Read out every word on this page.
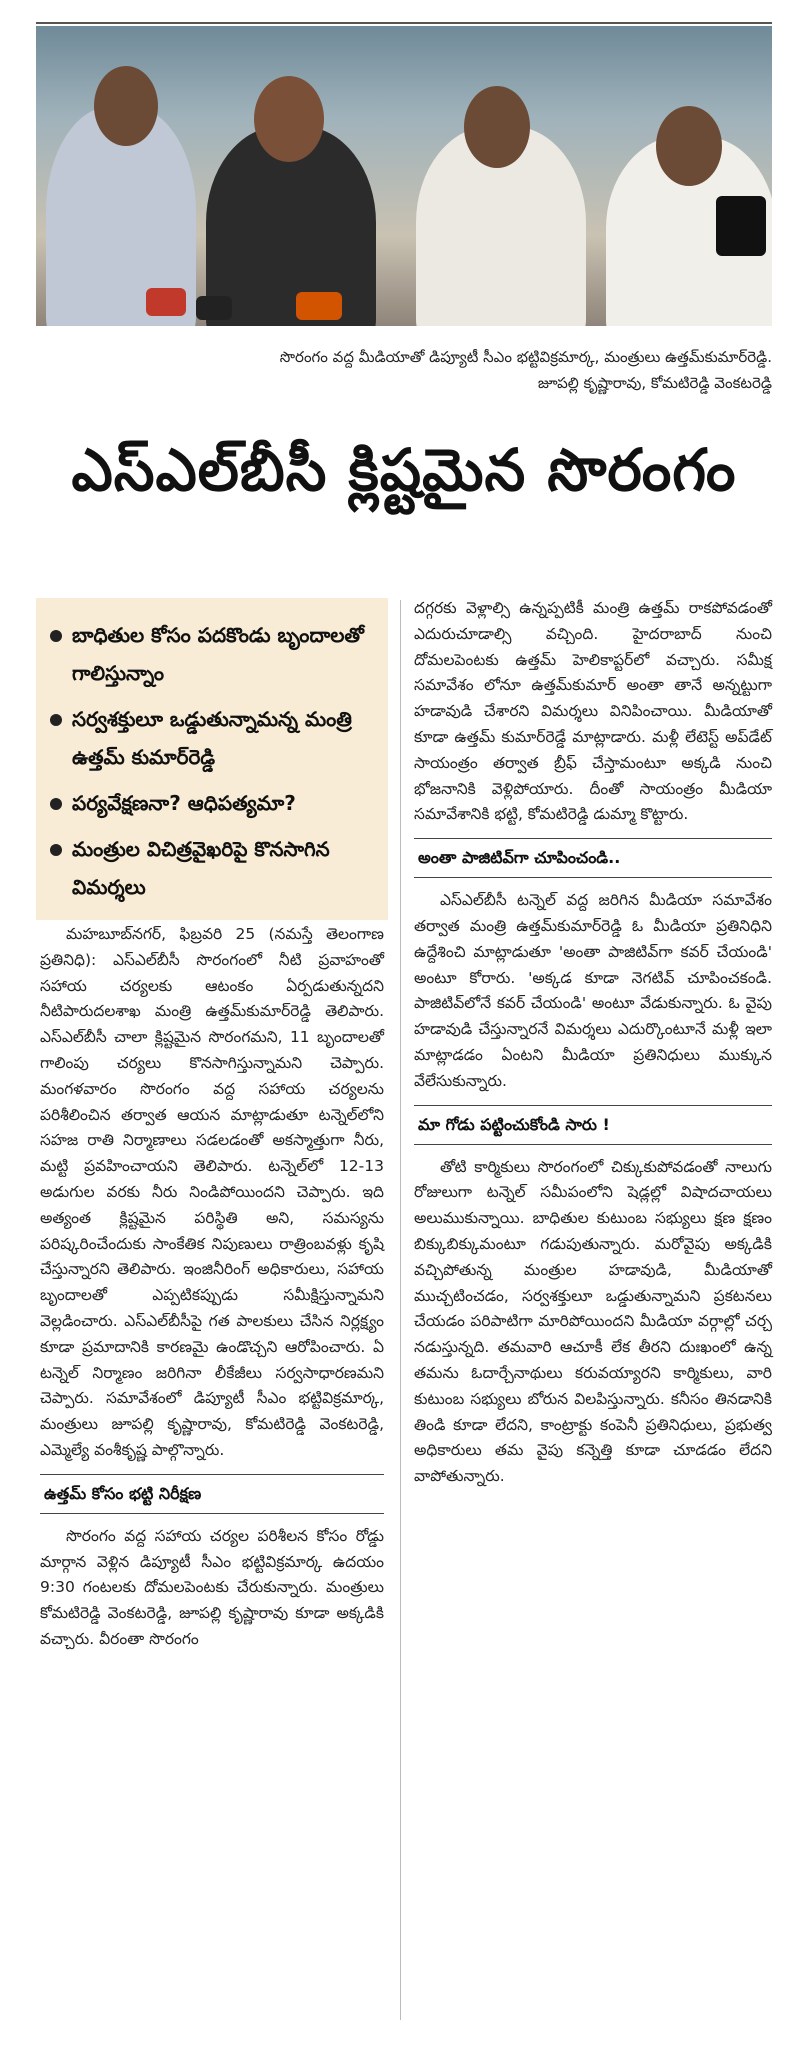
సొరంగం వద్ద మీడియాతో డిప్యూటీ సీఎం భట్టివిక్రమార్క, మంత్రులు ఉత్తమ్‌కుమార్‌రెడ్డి.
జూపల్లి కృష్ణారావు, కోమటిరెడ్డి వెంకటరెడ్డి
ఎస్‌ఎల్‌బీసీ క్లిష్టమైన సొరంగం
బాధితుల కోసం పదకొండు బృందాలతో గాలిస్తున్నాం
సర్వశక్తులూ ఒడ్డుతున్నామన్న మంత్రి ఉత్తమ్ కుమార్‌రెడ్డి
పర్యవేక్షణనా? ఆధిపత్యమా?
మంత్రుల విచిత్రవైఖరిపై కొనసాగిన విమర్శలు

మహబూబ్‌నగర్, ఫిబ్రవరి 25 (నమస్తే తెలంగాణ ప్రతినిధి): ఎస్‌ఎల్‌బీసీ సొరంగంలో నీటి ప్రవాహంతో సహాయ చర్యలకు ఆటంకం ఏర్పడుతున్నదని నీటిపారుదలశాఖ మంత్రి ఉత్తమ్‌కుమార్‌రెడ్డి తెలిపారు. ఎస్‌ఎల్‌బీసీ చాలా క్లిష్టమైన సొరంగమని, 11 బృందాలతో గాలింపు చర్యలు కొనసాగిస్తున్నామని చెప్పారు. మంగళవారం సొరంగం వద్ద సహాయ చర్యలను పరిశీలించిన తర్వాత ఆయన మాట్లాడుతూ టన్నెల్‌లోని సహజ రాతి నిర్మాణాలు సడలడంతో అకస్మాత్తుగా నీరు, మట్టి ప్రవహించాయని తెలిపారు. టన్నెల్‌లో 12-13 అడుగుల వరకు నీరు నిండిపోయిందని చెప్పారు. ఇది అత్యంత క్లిష్టమైన పరిస్థితి అని, సమస్యను పరిష్కరించేందుకు సాంకేతిక నిపుణులు రాత్రింబవళ్లు కృషి చేస్తున్నారని తెలిపారు. ఇంజినీరింగ్ అధికారులు, సహాయ బృందాలతో ఎప్పటికప్పుడు సమీక్షిస్తున్నామని వెల్లడించారు. ఎస్‌ఎల్‌బీసీపై గత పాలకులు చేసిన నిర్లక్ష్యం కూడా ప్రమాదానికి కారణమై ఉండొచ్చని ఆరోపించారు. ఏ టన్నెల్ నిర్మాణం జరిగినా లీకేజీలు సర్వసాధారణమని చెప్పారు. సమావేశంలో డిప్యూటీ సీఎం భట్టివిక్రమార్క, మంత్రులు జూపల్లి కృష్ణారావు, కోమటిరెడ్డి వెంకటరెడ్డి, ఎమ్మెల్యే వంశీకృష్ణ పాల్గొన్నారు.

ఉత్తమ్ కోసం భట్టి నిరీక్షణ

సొరంగం వద్ద సహాయ చర్యల పరిశీలన కోసం రోడ్డు మార్గాన వెళ్లిన డిప్యూటీ సీఎం భట్టివిక్రమార్క ఉదయం 9:30 గంటలకు దోమలపెంటకు చేరుకున్నారు. మంత్రులు కోమటిరెడ్డి వెంకటరెడ్డి, జూపల్లి కృష్ణారావు కూడా అక్కడికి వచ్చారు. వీరంతా సొరంగం

దగ్గరకు వెళ్లాల్సి ఉన్నప్పటికీ మంత్రి ఉత్తమ్ రాకపోవడంతో ఎదురుచూడాల్సి వచ్చింది. హైదరాబాద్ నుంచి దోమలపెంటకు ఉత్తమ్ హెలికాప్టర్‌లో వచ్చారు. సమీక్ష సమావేశం లోనూ ఉత్తమ్‌కుమార్ అంతా తానే అన్నట్టుగా హడావుడి చేశారని విమర్శలు వినిపించాయి. మీడియాతో కూడా ఉత్తమ్ కుమార్‌రెడ్డే మాట్లాడారు. మళ్లీ లేటెస్ట్ అప్‌డేట్ సాయంత్రం తర్వాత బ్రీఫ్ చేస్తామంటూ అక్కడి నుంచి భోజనానికి వెళ్లిపోయారు. దీంతో సాయంత్రం మీడియా సమావేశానికి భట్టి, కోమటిరెడ్డి డుమ్మా కొట్టారు.

అంతా పాజిటివ్‌గా చూపించండి..

ఎస్‌ఎల్‌బీసీ టన్నెల్ వద్ద జరిగిన మీడియా సమావేశం తర్వాత మంత్రి ఉత్తమ్‌కుమార్‌రెడ్డి ఓ మీడియా ప్రతినిధిని ఉద్దేశించి మాట్లాడుతూ 'అంతా పాజిటివ్‌గా కవర్ చేయండి' అంటూ కోరారు. 'అక్కడ కూడా నెగటివ్ చూపించకండి. పాజిటివ్‌లోనే కవర్ చేయండి' అంటూ వేడుకున్నారు. ఓ వైపు హడావుడి చేస్తున్నారనే విమర్శలు ఎదుర్కొంటూనే మళ్లీ ఇలా మాట్లాడడం ఏంటని మీడియా ప్రతినిధులు ముక్కున వేలేసుకున్నారు.

మా గోడు పట్టించుకోండి సారు !

తోటి కార్మికులు సొరంగంలో చిక్కుకుపోవడంతో నాలుగు రోజులుగా టన్నెల్ సమీపంలోని షెడ్లల్లో విషాదచాయలు అలుముకున్నాయి. బాధితుల కుటుంబ సభ్యులు క్షణ క్షణం బిక్కుబిక్కుమంటూ గడుపుతున్నారు. మరోవైపు అక్కడికి వచ్చిపోతున్న మంత్రుల హడావుడి, మీడియాతో ముచ్చటించడం, సర్వశక్తులూ ఒడ్డుతున్నామని ప్రకటనలు చేయడం పరిపాటిగా మారిపోయిందని మీడియా వర్గాల్లో చర్చ నడుస్తున్నది. తమవారి ఆచూకీ లేక తీరని దుఃఖంలో ఉన్న తమను ఓదార్చేనాథులు కరువయ్యారని కార్మికులు, వారి కుటుంబ సభ్యులు బోరున విలపిస్తున్నారు. కనీసం తినడానికి తిండి కూడా లేదని, కాంట్రాక్టు కంపెనీ ప్రతినిధులు, ప్రభుత్వ అధికారులు తమ వైపు కన్నెత్తి కూడా చూడడం లేదని వాపోతున్నారు.
